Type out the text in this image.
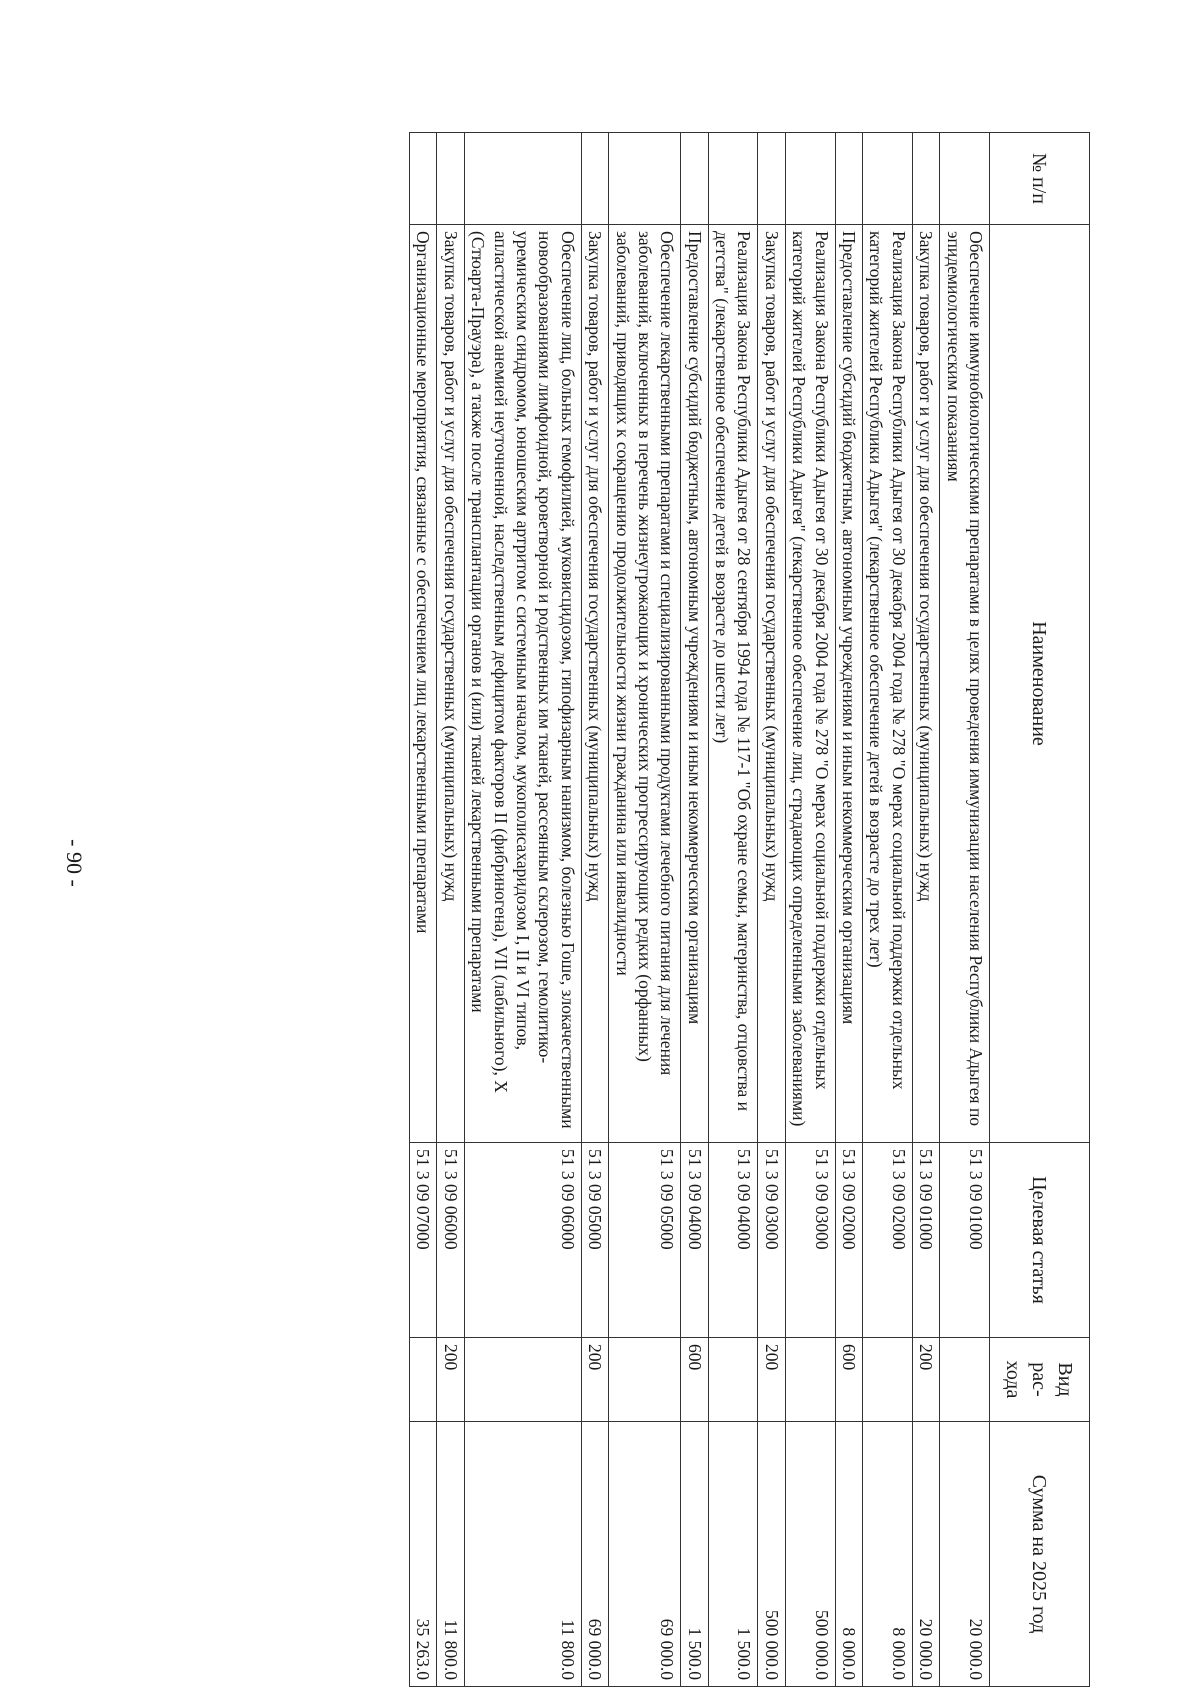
- 90 -
№ п/п	Наименование	Целевая статья	Вид рас- хода	Сумма на 2025 год
	Обеспечение иммунобиологическими препаратами в целях проведения иммунизации населения Республики Адыгея по эпидемиологическим показаниям	51 3 09 01000		20 000.0
	Закупка товаров, работ и услуг для обеспечения государственных (муниципальных) нужд	51 3 09 01000	200	20 000.0
	Реализация Закона Республики Адыгея от 30 декабря 2004 года № 278 "О мерах социальной поддержки отдельных категорий жителей Республики Адыгея" (лекарственное обеспечение детей в возрасте до трех лет)	51 3 09 02000		8 000.0
	Предоставление субсидий бюджетным, автономным учреждениям и иным некоммерческим организациям	51 3 09 02000	600	8 000.0
	Реализация Закона Республики Адыгея от 30 декабря 2004 года № 278 "О мерах социальной поддержки отдельных категорий жителей Республики Адыгея" (лекарственное обеспечение лиц, страдающих определенными заболеваниями)	51 3 09 03000		500 000.0
	Закупка товаров, работ и услуг для обеспечения государственных (муниципальных) нужд	51 3 09 03000	200	500 000.0
	Реализация Закона Республики Адыгея от 28 сентября 1994 года № 117-1 "Об охране семьи, материнства, отцовства и детства" (лекарственное обеспечение детей в возрасте до шести лет)	51 3 09 04000		1 500.0
	Предоставление субсидий бюджетным, автономным учреждениям и иным некоммерческим организациям	51 3 09 04000	600	1 500.0
	Обеспечение лекарственными препаратами и специализированными продуктами лечебного питания для лечения заболеваний, включенных в перечень жизнеугрожающих и хронических прогрессирующих редких (орфанных) заболеваний, приводящих к сокращению продолжительности жизни гражданина или инвалидности	51 3 09 05000		69 000.0
	Закупка товаров, работ и услуг для обеспечения государственных (муниципальных) нужд	51 3 09 05000	200	69 000.0
	Обеспечение лиц, больных гемофилией, муковисцидозом, гипофизарным нанизмом, болезнью Гоше, злокачественными новообразованиями лимфоидной, кроветворной и родственных им тканей, рассеянным склерозом, гемолитико-уремическим синдромом, юношеским артритом с системным началом, мукополисахаридозом I, II и VI типов, апластической анемией неуточненной, наследственным дефицитом факторов II (фибриногена), VII (лабильного), X (Стюарта-Прауэра), а также после трансплантации органов и (или) тканей лекарственными препаратами	51 3 09 06000		11 800.0
	Закупка товаров, работ и услуг для обеспечения государственных (муниципальных) нужд	51 3 09 06000	200	11 800.0
	Организационные мероприятия, связанные с обеспечением лиц лекарственными препаратами	51 3 09 07000		35 263.0
